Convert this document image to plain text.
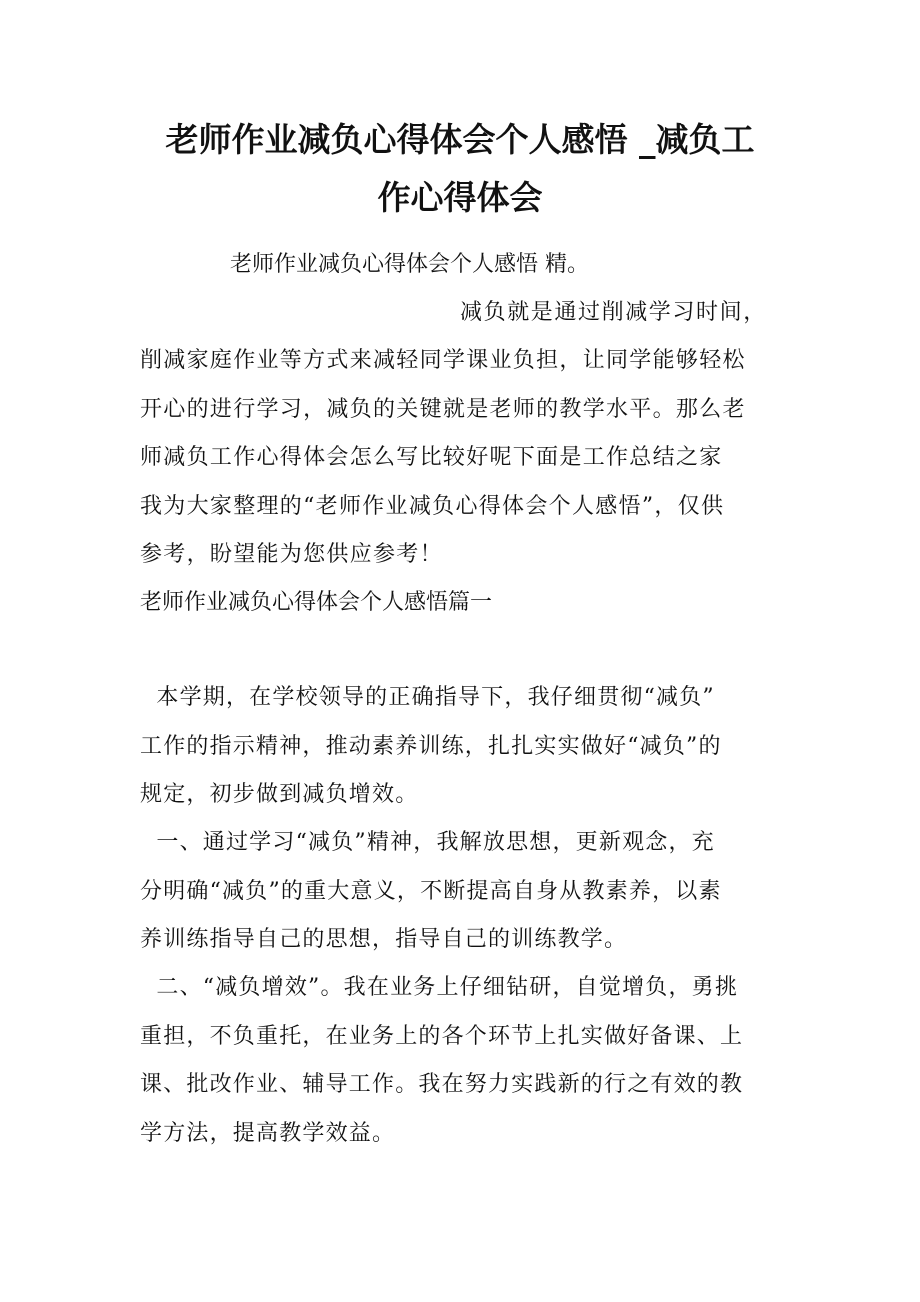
老师作业减负心得体会个人感悟 _减负工
作心得体会

老师作业减负心得体会个人感悟 精。

减负就是通过削减学习时间，

削减家庭作业等方式来减轻同学课业负担，让同学能够轻松
开心的进行学习，减负的关键就是老师的教学水平。那么老
师减负工作心得体会怎么写比较好呢下面是工作总结之家
我为大家整理的“老师作业减负心得体会个人感悟”，仅供
参考，盼望能为您供应参考！

老师作业减负心得体会个人感悟篇一

本学期，在学校领导的正确指导下，我仔细贯彻“减负”
工作的指示精神，推动素养训练，扎扎实实做好“减负”的
规定，初步做到减负增效。
一、通过学习“减负”精神，我解放思想，更新观念，充
分明确“减负”的重大意义，不断提高自身从教素养，以素
养训练指导自己的思想，指导自己的训练教学。
二、“减负增效”。我在业务上仔细钻研，自觉增负，勇挑
重担，不负重托，在业务上的各个环节上扎实做好备课、上
课、批改作业、辅导工作。我在努力实践新的行之有效的教
学方法，提高教学效益。
